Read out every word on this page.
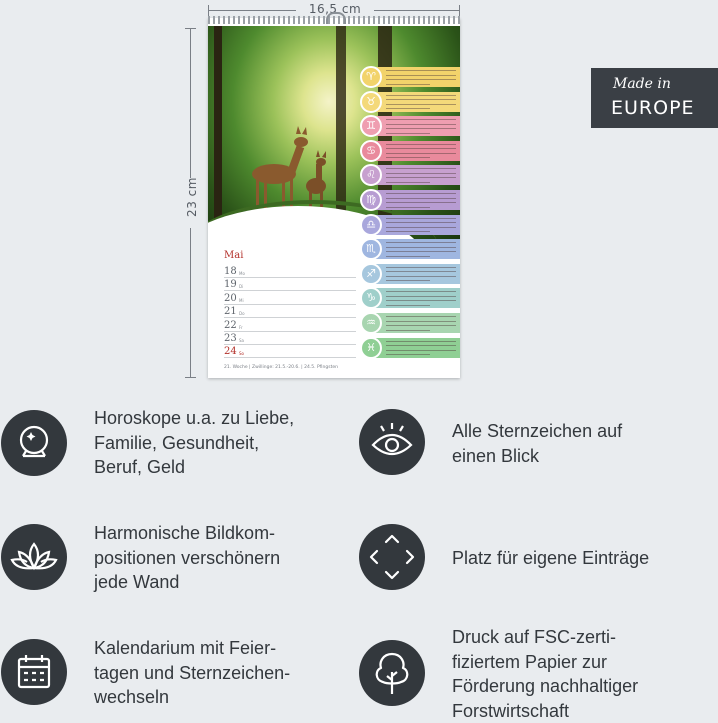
16,5 cm
23 cm
♈
♉
♊
♋
♌
♍
♎
♏
♐
♑
♒
♓
Mai
18 Mo
19 Di
20 Mi
21 Do
22 Fr
23 Sa
24 So
21. Woche | Zwillinge: 21.5.-20.6. | 24.5. Pfingsten
Made in
EUROPE
Horoskope u.a. zu Liebe,
Familie, Gesundheit,
Beruf, Geld
Alle Sternzeichen auf
einen Blick
Harmonische Bildkom-
positionen verschönern
jede Wand
Platz für eigene Einträge
Kalendarium mit Feier-
tagen und Sternzeichen-
wechseln
Druck auf FSC-zerti-
fiziertem Papier zur
Förderung nachhaltiger
Forstwirtschaft
